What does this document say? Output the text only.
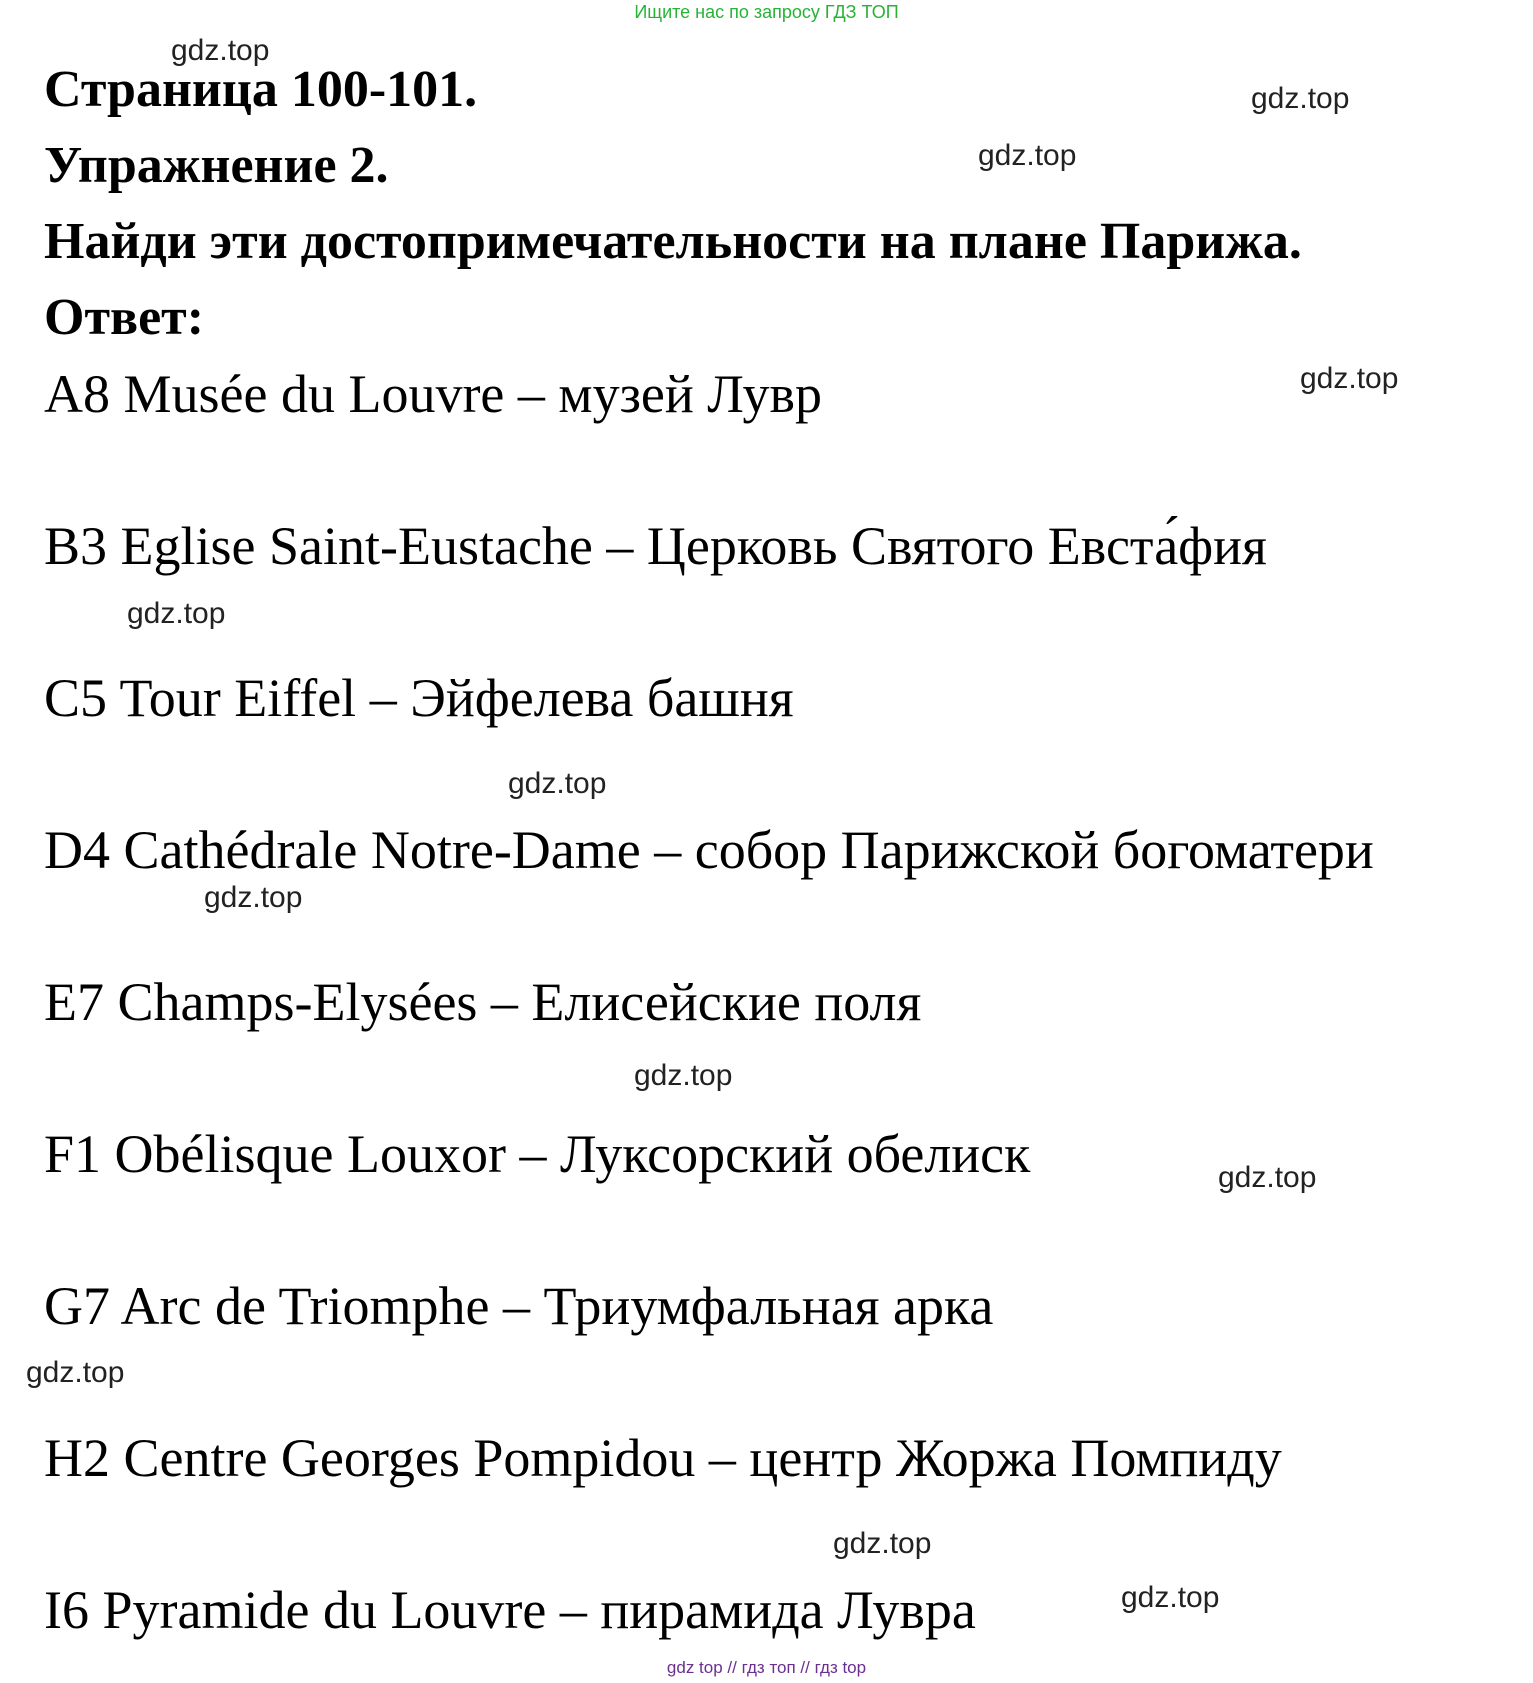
Ищите нас по запросу ГДЗ ТОП
Страница 100-101.
Упражнение 2.
Найди эти достопримечательности на плане Парижа.
Ответ:
A8 Musée du Louvre – музей Лувр
B3 Eglise Saint-Eustache – Церковь Святого Евста́фия
C5 Tour Eiffel – Эйфелева башня
D4 Cathédrale Notre-Dame – собор Парижской богоматери
E7 Champs-Elysées – Елисейские поля
F1 Obélisque Louxor – Луксорский обелиск
G7 Arc de Triomphe – Триумфальная арка
H2 Centre Georges Pompidou – центр Жоржа Помпиду
I6 Pyramide du Louvre – пирамида Лувра
gdz.top
gdz.top
gdz.top
gdz.top
gdz.top
gdz.top
gdz.top
gdz.top
gdz.top
gdz.top
gdz.top
gdz.top
gdz top // гдз топ // гдз top
